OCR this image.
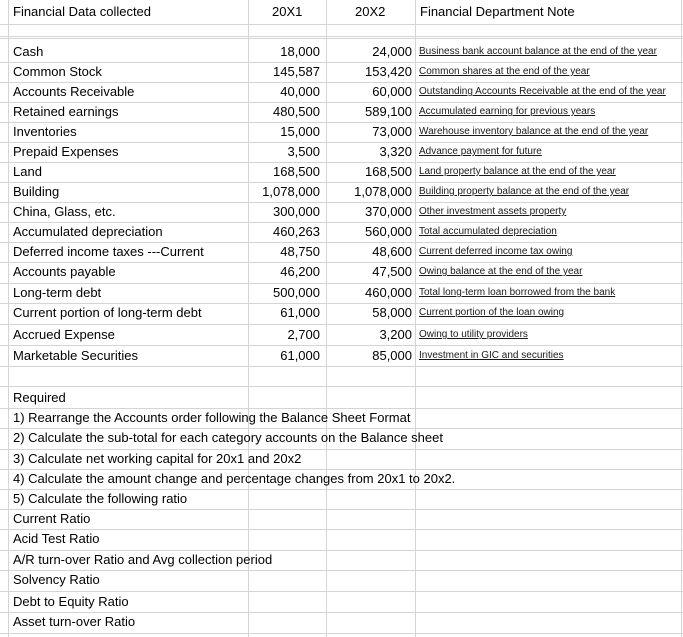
Financial Data collected	20X1	20X2	Financial Department Note
Cash	18,000	24,000 Business bank account balance at the end of the year
Common Stock	145,587	153,420 Common shares at the end of the year
Accounts Receivable	40,000	60,000 Outstanding Accounts Receivable at the end of the year
Retained earnings	480,500	589,100 Accumulated earning for previous years
Inventories	15,000	73,000 Warehouse inventory balance at the end of the year
Prepaid Expenses	3,500	3,320 Advance payment for future
Land	168,500	168,500 Land property balance at the end of the year
Building	1,078,000	1,078,000 Building property balance at the end of the year
China, Glass, etc.	300,000	370,000 Other investment assets property
Accumulated depreciation	460,263	560,000 Total accumulated depreciation
Deferred income taxes ---Current	48,750	48,600 Current deferred income tax owing
Accounts payable	46,200	47,500 Owing balance at the end of the year
Long-term debt	500,000	460,000 Total long-term loan borrowed from the bank
Current portion of long-term debt	61,000	58,000 Current portion of the loan owing
Accrued Expense	2,700	3,200 Owing to utility providers
Marketable Securities	61,000	85,000 Investment in GIC and securities
Required
1) Rearrange the Accounts order following the Balance Sheet Format
2) Calculate the sub-total for each category accounts on the Balance sheet
3) Calculate net working capital for 20x1 and 20x2
4) Calculate the amount change and percentage changes from 20x1 to 20x2.
5) Calculate the following ratio
Current Ratio
Acid Test Ratio
A/R turn-over Ratio and Avg collection period
Solvency Ratio
Debt to Equity Ratio
Asset turn-over Ratio
